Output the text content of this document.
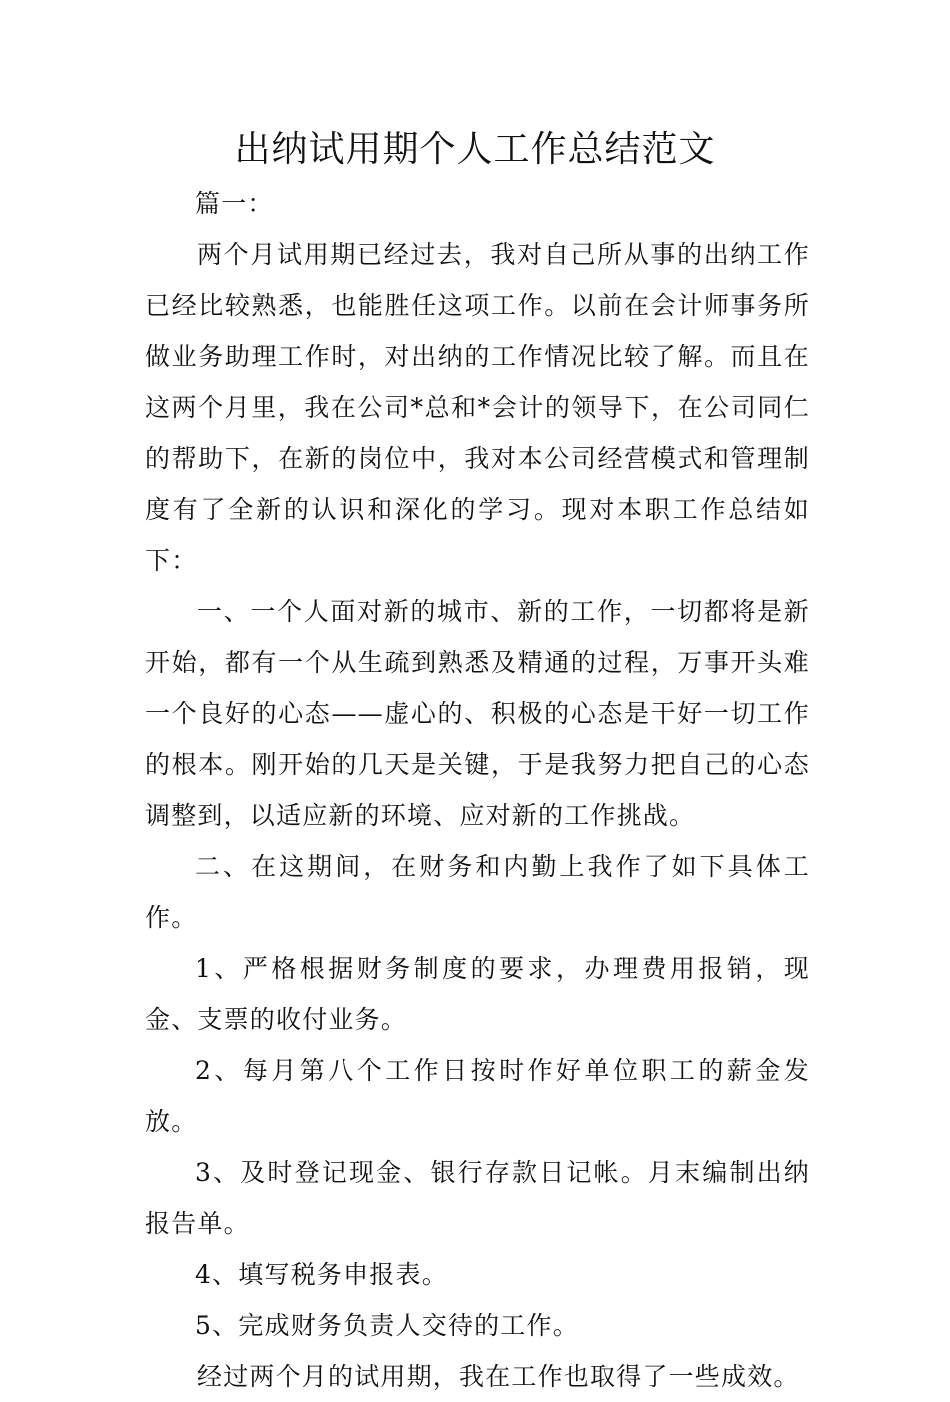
出纳试用期个人工作总结范文

篇一：

两个月试用期已经过去，我对自己所从事的出纳工作已经比较熟悉，也能胜任这项工作。以前在会计师事务所做业务助理工作时，对出纳的工作情况比较了解。而且在这两个月里，我在公司*总和*会计的领导下，在公司同仁的帮助下，在新的岗位中，我对本公司经营模式和管理制度有了全新的认识和深化的学习。现对本职工作总结如下：

一、一个人面对新的城市、新的工作，一切都将是新开始，都有一个从生疏到熟悉及精通的过程，万事开头难一个良好的心态——虚心的、积极的心态是干好一切工作的根本。刚开始的几天是关键，于是我努力把自己的心态调整到，以适应新的环境、应对新的工作挑战。

二、在这期间，在财务和内勤上我作了如下具体工作。

1、严格根据财务制度的要求，办理费用报销，现金、支票的收付业务。

2、每月第八个工作日按时作好单位职工的薪金发放。

3、及时登记现金、银行存款日记帐。月末编制出纳报告单。

4、填写税务申报表。

5、完成财务负责人交待的工作。

经过两个月的试用期，我在工作也取得了一些成效。
